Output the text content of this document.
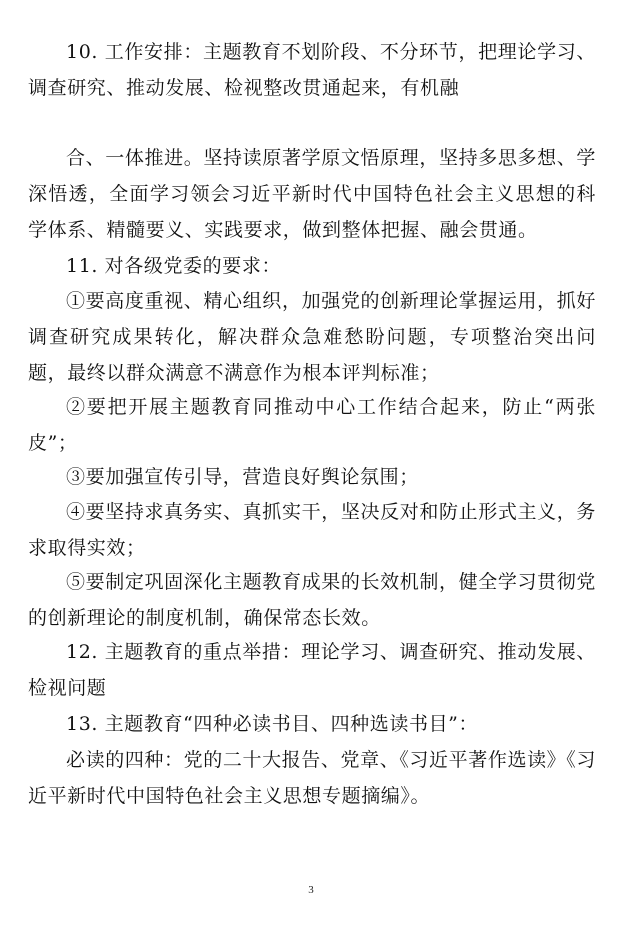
10. 工作安排：主题教育不划阶段、不分环节，把理论学习、调查研究、推动发展、检视整改贯通起来，有机融

合、一体推进。坚持读原著学原文悟原理，坚持多思多想、学深悟透，全面学习领会习近平新时代中国特色社会主义思想的科学体系、精髓要义、实践要求，做到整体把握、融会贯通。

11. 对各级党委的要求：

①要高度重视、精心组织，加强党的创新理论掌握运用，抓好调查研究成果转化，解决群众急难愁盼问题，专项整治突出问题，最终以群众满意不满意作为根本评判标准；

②要把开展主题教育同推动中心工作结合起来，防止“两张皮”；

③要加强宣传引导，营造良好舆论氛围；

④要坚持求真务实、真抓实干，坚决反对和防止形式主义，务求取得实效；

⑤要制定巩固深化主题教育成果的长效机制，健全学习贯彻党的创新理论的制度机制，确保常态长效。

12. 主题教育的重点举措：理论学习、调查研究、推动发展、检视问题

13. 主题教育“四种必读书目、四种选读书目”：

必读的四种：党的二十大报告、党章、《习近平著作选读》《习近平新时代中国特色社会主义思想专题摘编》。

3
